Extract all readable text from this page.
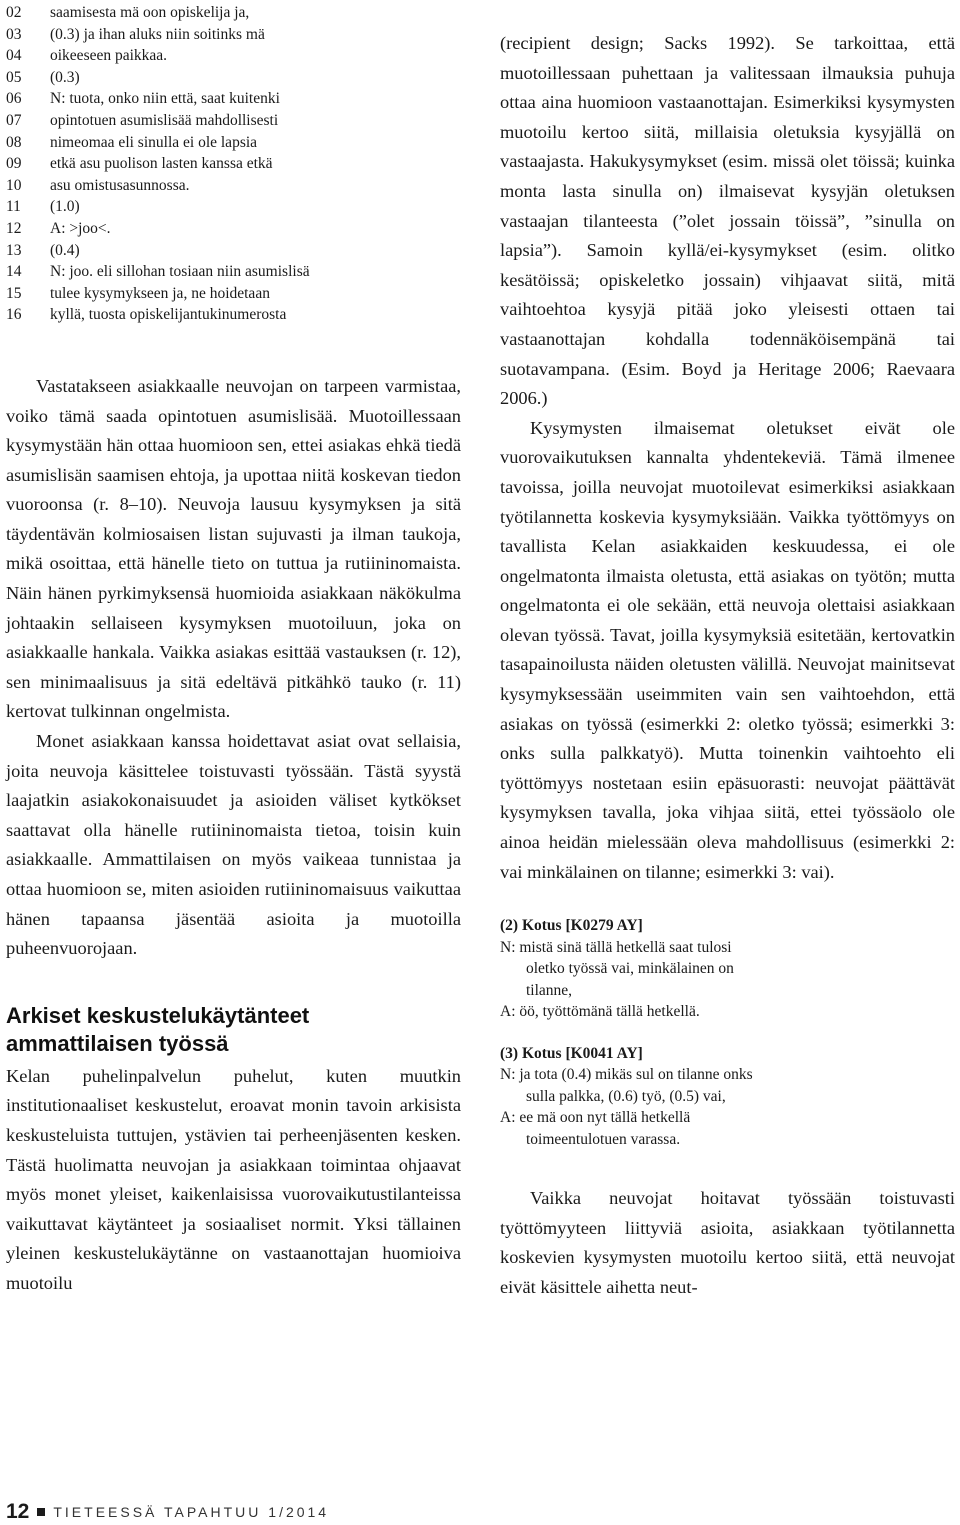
02	saamisesta mä oon opiskelija ja,
03	(0.3) ja ihan aluks niin soitinks mä
04	oikeeseen paikkaa.
05	(0.3)
06	N: tuota, onko niin että, saat kuitenki
07	opintotuen asumislisää mahdollisesti
08	nimeomaa eli sinulla ei ole lapsia
09	etkä asu puolison lasten kanssa etkä
10	asu omistusasunnossa.
11	(1.0)
12	A: >joo<.
13	(0.4)
14	N: joo. eli sillohan tosiaan niin asumislisä
15	tulee kysymykseen ja, ne hoidetaan
16	kyllä, tuosta opiskelijantukinumerosta

Vastatakseen asiakkaalle neuvojan on tarpeen varmistaa, voiko tämä saada opintotuen asumislisää. Muotoillessaan kysymystään hän ottaa huomioon sen, ettei asiakas ehkä tiedä asumislisän saamisen ehtoja, ja upottaa niitä koskevan tiedon vuoroonsa (r. 8–10). Neuvoja lausuu kysymyksen ja sitä täydentävän kolmiosaisen listan sujuvasti ja ilman taukoja, mikä osoittaa, että hänelle tieto on tuttua ja rutiininomaista. Näin hänen pyrkimyksensä huomioida asiakkaan näkökulma johtaakin sellaiseen kysymyksen muotoiluun, joka on asiakkaalle hankala. Vaikka asiakas esittää vastauksen (r. 12), sen minimaalisuus ja sitä edeltävä pitkähkö tauko (r. 11) kertovat tulkinnan ongelmista.

Monet asiakkaan kanssa hoidettavat asiat ovat sellaisia, joita neuvoja käsittelee toistuvasti työssään. Tästä syystä laajatkin asiakokonaisuudet ja asioiden väliset kytkökset saattavat olla hänelle rutiininomaista tietoa, toisin kuin asiakkaalle. Ammattilaisen on myös vaikeaa tunnistaa ja ottaa huomioon se, miten asioiden rutiininomaisuus vaikuttaa hänen tapaansa jäsentää asioita ja muotoilla puheenvuorojaan.

Arkiset keskustelukäytänteet
ammattilaisen työssä

Kelan puhelinpalvelun puhelut, kuten muutkin institutionaaliset keskustelut, eroavat monin tavoin arkisista keskusteluista tuttujen, ystävien tai perheenjäsenten kesken. Tästä huolimatta neuvojan ja asiakkaan toimintaa ohjaavat myös monet yleiset, kaikenlaisissa vuorovaikutustilanteissa vaikuttavat käytänteet ja sosiaaliset normit. Yksi tällainen yleinen keskustelukäytänne on vastaanottajan huomioiva muotoilu

(recipient design; Sacks 1992). Se tarkoittaa, että muotoillessaan puhettaan ja valitessaan ilmauksia puhuja ottaa aina huomioon vastaanottajan. Esimerkiksi kysymysten muotoilu kertoo siitä, millaisia oletuksia kysyjällä on vastaajasta. Hakukysymykset (esim. missä olet töissä; kuinka monta lasta sinulla on) ilmaisevat kysyjän oletuksen vastaajan tilanteesta (”olet jossain töissä”, ”sinulla on lapsia”). Samoin kyllä/ei-kysymykset (esim. olitko kesätöissä; opiskeletko jossain) vihjaavat siitä, mitä vaihtoehtoa kysyjä pitää joko yleisesti ottaen tai vastaanottajan kohdalla todennäköisempänä tai suotavampana. (Esim. Boyd ja Heritage 2006; Raevaara 2006.)

Kysymysten ilmaisemat oletukset eivät ole vuorovaikutuksen kannalta yhdentekeviä. Tämä ilmenee tavoissa, joilla neuvojat muotoilevat esimerkiksi asiakkaan työtilannetta koskevia kysymyksiään. Vaikka työttömyys on tavallista Kelan asiakkaiden keskuudessa, ei ole ongelmatonta ilmaista oletusta, että asiakas on työtön; mutta ongelmatonta ei ole sekään, että neuvoja olettaisi asiakkaan olevan työssä. Tavat, joilla kysymyksiä esitetään, kertovatkin tasapainoilusta näiden oletusten välillä. Neuvojat mainitsevat kysymyksessään useimmiten vain sen vaihtoehdon, että asiakas on työssä (esimerkki 2: oletko työssä; esimerkki 3: onks sulla palkkatyö). Mutta toinenkin vaihtoehto eli työttömyys nostetaan esiin epäsuorasti: neuvojat päättävät kysymyksen tavalla, joka vihjaa siitä, ettei työssäolo ole ainoa heidän mielessään oleva mahdollisuus (esimerkki 2: vai minkälainen on tilanne; esimerkki 3: vai).

(2) Kotus [K0279 AY]
N: mistä sinä tällä hetkellä saat tulosi
oletko työssä vai, minkälainen on
tilanne,
A: öö, työttömänä tällä hetkellä.
(3) Kotus [K0041 AY]
N: ja tota (0.4) mikäs sul on tilanne onks
sulla palkka, (0.6) työ, (0.5) vai,
A: ee mä oon nyt tällä hetkellä
toimeentulotuen varassa.

Vaikka neuvojat hoitavat työssään toistuvasti työttömyyteen liittyviä asioita, asiakkaan työtilannetta koskevien kysymysten muotoilu kertoo siitä, että neuvojat eivät käsittele aihetta neut-

12 TIETEESSÄ TAPAHTUU 1/2014
